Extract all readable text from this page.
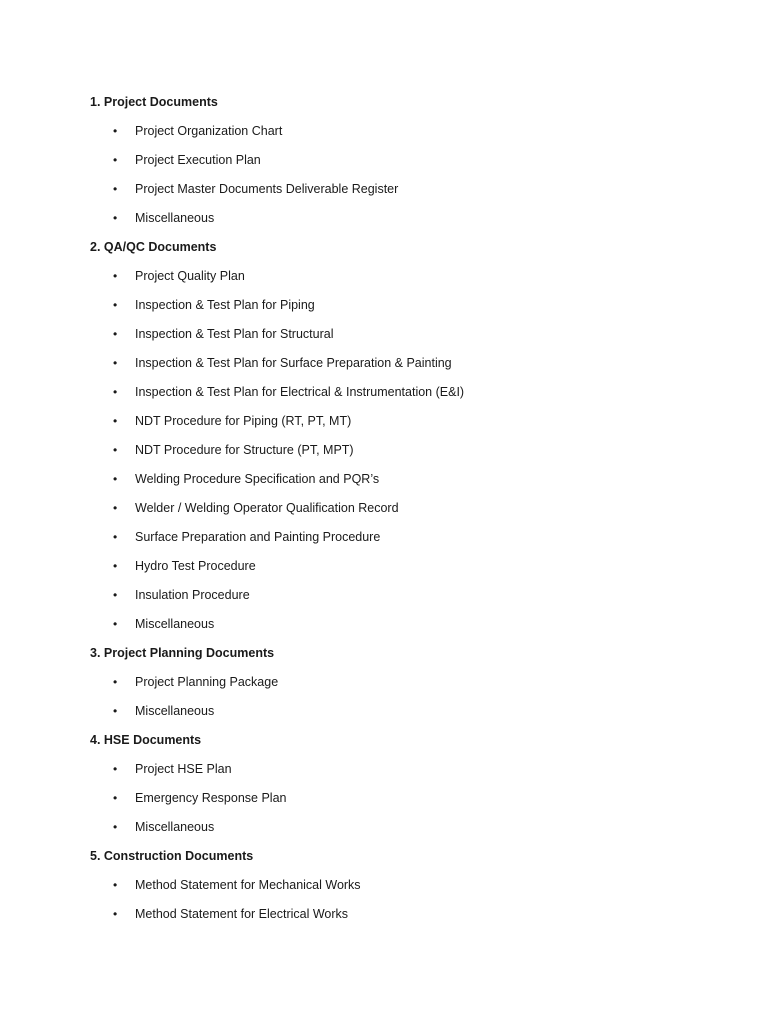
1. Project Documents
• Project Organization Chart
• Project Execution Plan
• Project Master Documents Deliverable Register
• Miscellaneous
2. QA/QC Documents
• Project Quality Plan
• Inspection & Test Plan for Piping
• Inspection & Test Plan for Structural
• Inspection & Test Plan for Surface Preparation & Painting
• Inspection & Test Plan for Electrical & Instrumentation (E&I)
• NDT Procedure for Piping (RT, PT, MT)
• NDT Procedure for Structure (PT, MPT)
• Welding Procedure Specification and PQR’s
• Welder / Welding Operator Qualification Record
• Surface Preparation and Painting Procedure
• Hydro Test Procedure
• Insulation Procedure
• Miscellaneous
3. Project Planning Documents
• Project Planning Package
• Miscellaneous
4. HSE Documents
• Project HSE Plan
• Emergency Response Plan
• Miscellaneous
5. Construction Documents
• Method Statement for Mechanical Works
• Method Statement for Electrical Works
